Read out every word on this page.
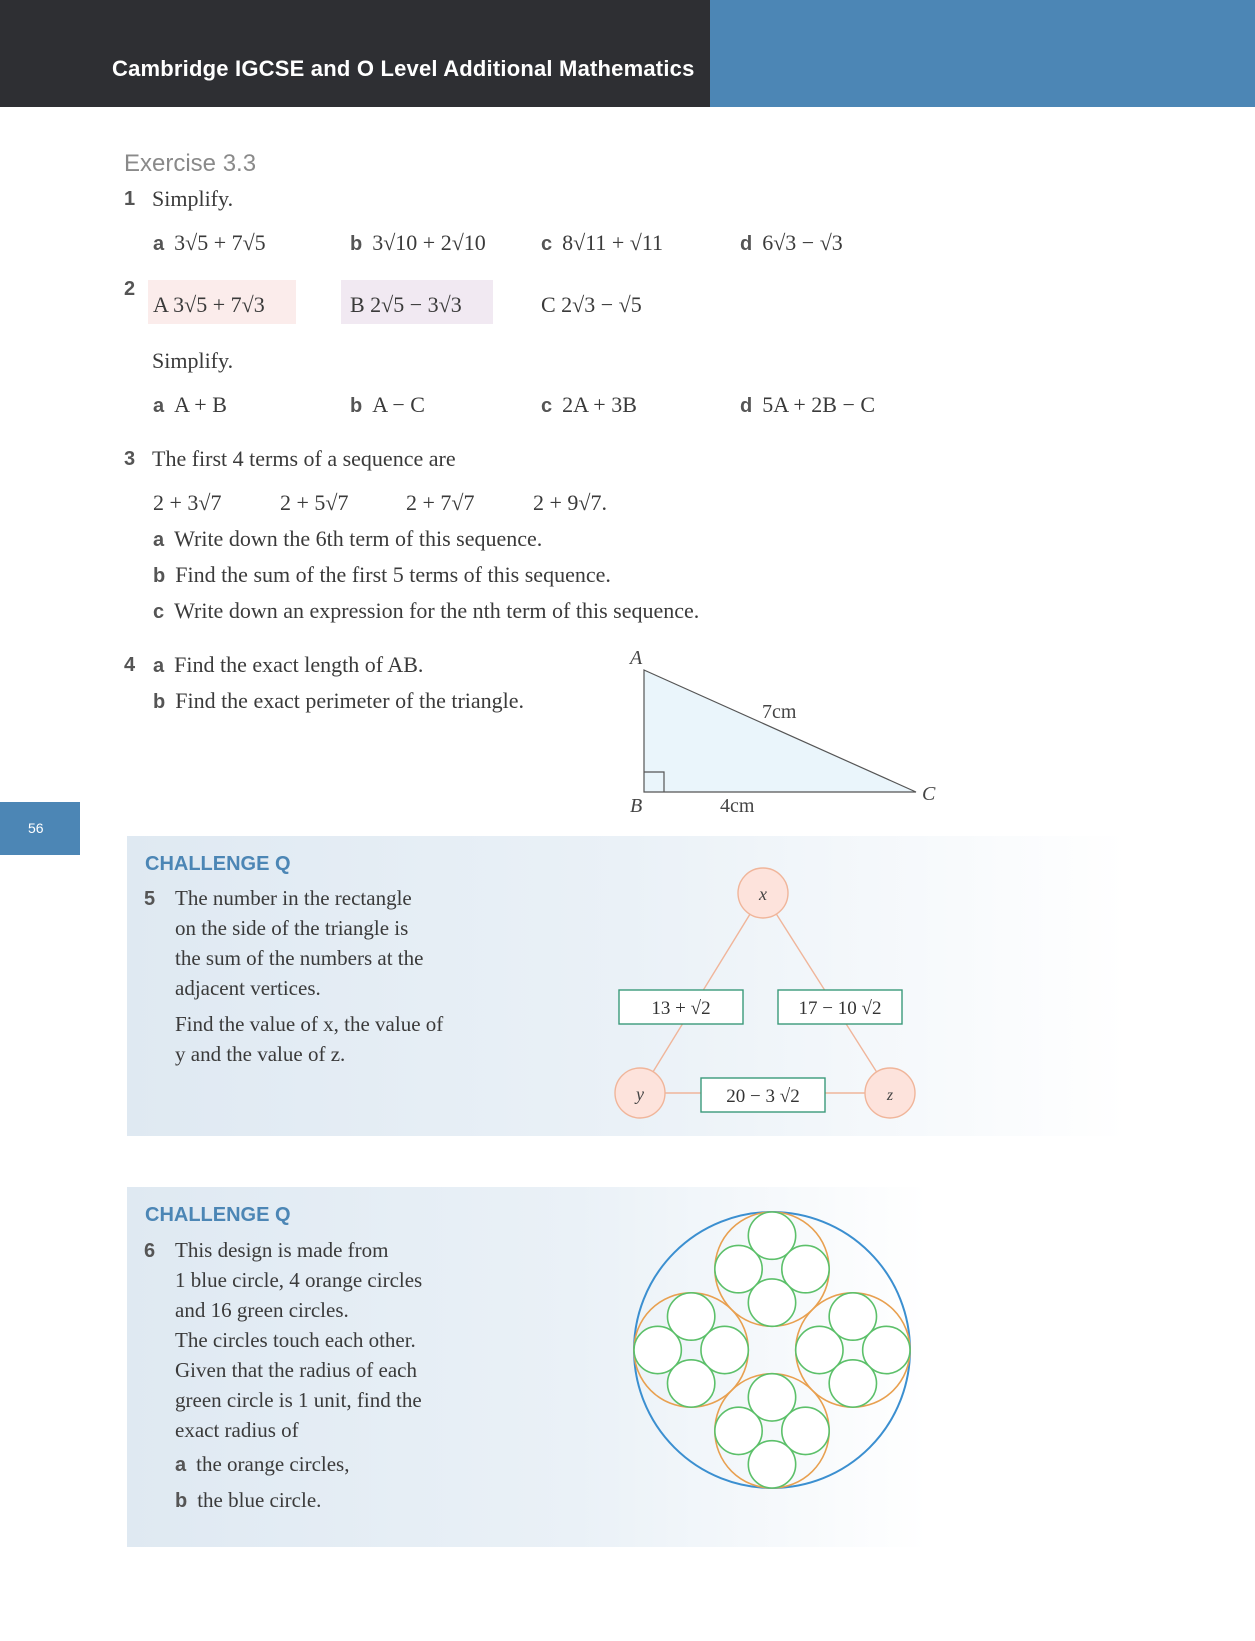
Cambridge IGCSE and O Level Additional Mathematics
56
Exercise 3.3
1 Simplify.
a 3√5 + 7√5	b 3√10 + 2√10	c 8√11 + √11	d 6√3 − √3
2
A 3√5 + 7√3	B 2√5 − 3√3	C 2√3 − √5
Simplify.
a A + B	b A − C	c 2A + 3B	d 5A + 2B − C
3 The first 4 terms of a sequence are
2 + 3√7	2 + 5√7	2 + 7√7	2 + 9√7.
a Write down the 6th term of this sequence.
b Find the sum of the first 5 terms of this sequence.
c Write down an expression for the nth term of this sequence.
4 a Find the exact length of AB.
b Find the exact perimeter of the triangle.
A
B
C
7cm
4cm
CHALLENGE Q
5 The number in the rectangle
on the side of the triangle is
the sum of the numbers at the
adjacent vertices.
Find the value of x, the value of
y and the value of z.
x
y	z
13 + √2	17 − 10 √2
20 − 3 √2
CHALLENGE Q
6 This design is made from
1 blue circle, 4 orange circles
and 16 green circles.
The circles touch each other.
Given that the radius of each
green circle is 1 unit, find the
exact radius of
a the orange circles,
b the blue circle.
